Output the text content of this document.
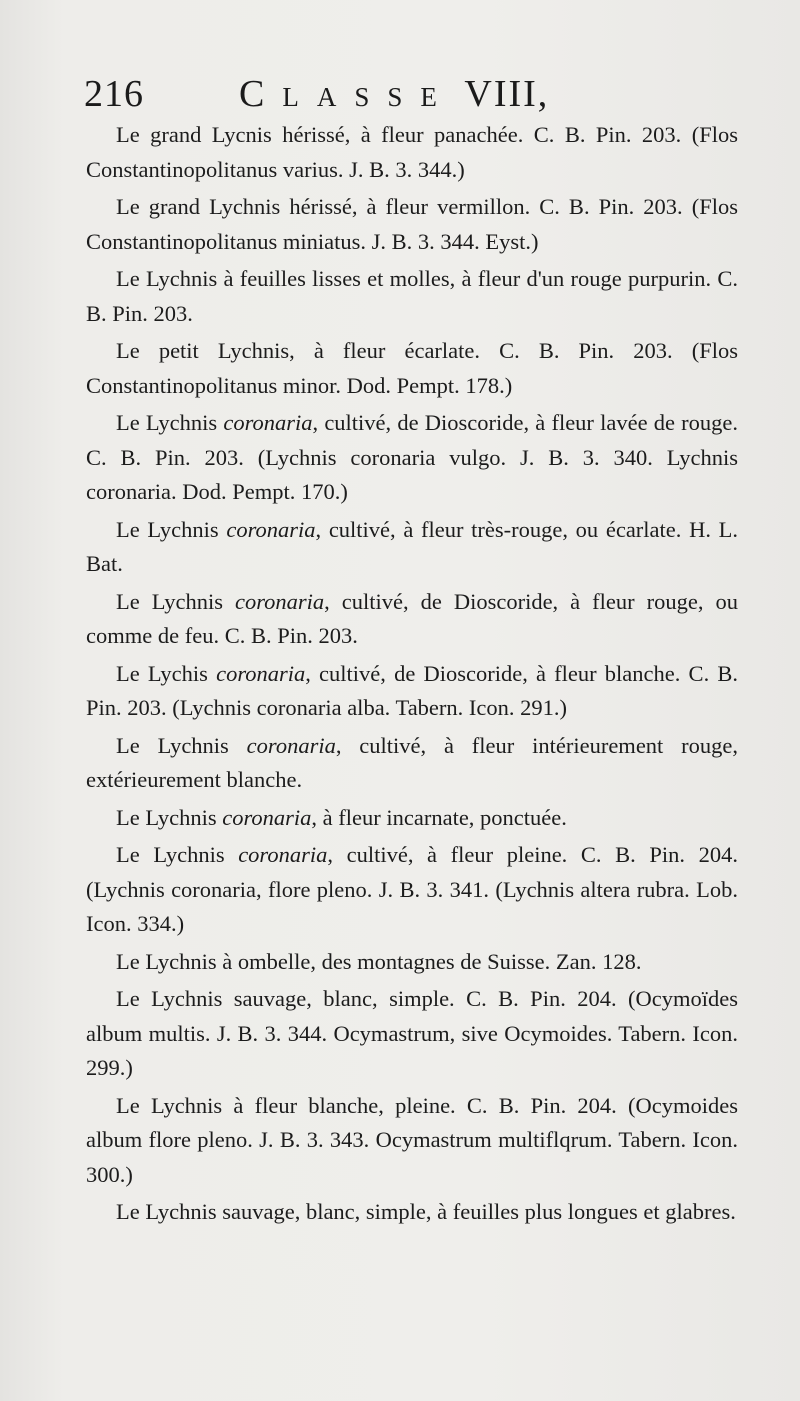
216	CLASSE VIII,

Le grand Lycnis hérissé, à fleur panachée. C. B. Pin. 203. (Flos Constantinopolitanus varius. J. B. 3. 344.)

Le grand Lychnis hérissé, à fleur vermillon. C. B. Pin. 203. (Flos Constantinopolitanus miniatus. J. B. 3. 344. Eyst.)

Le Lychnis à feuilles lisses et molles, à fleur d'un rouge purpurin. C. B. Pin. 203.

Le petit Lychnis, à fleur écarlate. C. B. Pin. 203. (Flos Constantinopolitanus minor. Dod. Pempt. 178.)

Le Lychnis coronaria, cultivé, de Dioscoride, à fleur lavée de rouge. C. B. Pin. 203. (Lychnis coronaria vulgo. J. B. 3. 340. Lychnis coronaria. Dod. Pempt. 170.)

Le Lychnis coronaria, cultivé, à fleur très-rouge, ou écarlate. H. L. Bat.

Le Lychnis coronaria, cultivé, de Dioscoride, à fleur rouge, ou comme de feu. C. B. Pin. 203.

Le Lychis coronaria, cultivé, de Dioscoride, à fleur blanche. C. B. Pin. 203. (Lychnis coronaria alba. Tabern. Icon. 291.)

Le Lychnis coronaria, cultivé, à fleur intérieurement rouge, extérieurement blanche.

Le Lychnis coronaria, à fleur incarnate, ponctuée.

Le Lychnis coronaria, cultivé, à fleur pleine. C. B. Pin. 204. (Lychnis coronaria, flore pleno. J. B. 3. 341. (Lychnis altera rubra. Lob. Icon. 334.)

Le Lychnis à ombelle, des montagnes de Suisse. Zan. 128.

Le Lychnis sauvage, blanc, simple. C. B. Pin. 204. (Ocymoïdes album multis. J. B. 3. 344. Ocymastrum, sive Ocymoides. Tabern. Icon. 299.)

Le Lychnis à fleur blanche, pleine. C. B. Pin. 204. (Ocymoides album flore pleno. J. B. 3. 343. Ocymastrum multiflqrum. Tabern. Icon. 300.)

Le Lychnis sauvage, blanc, simple, à feuilles plus longues et glabres.
